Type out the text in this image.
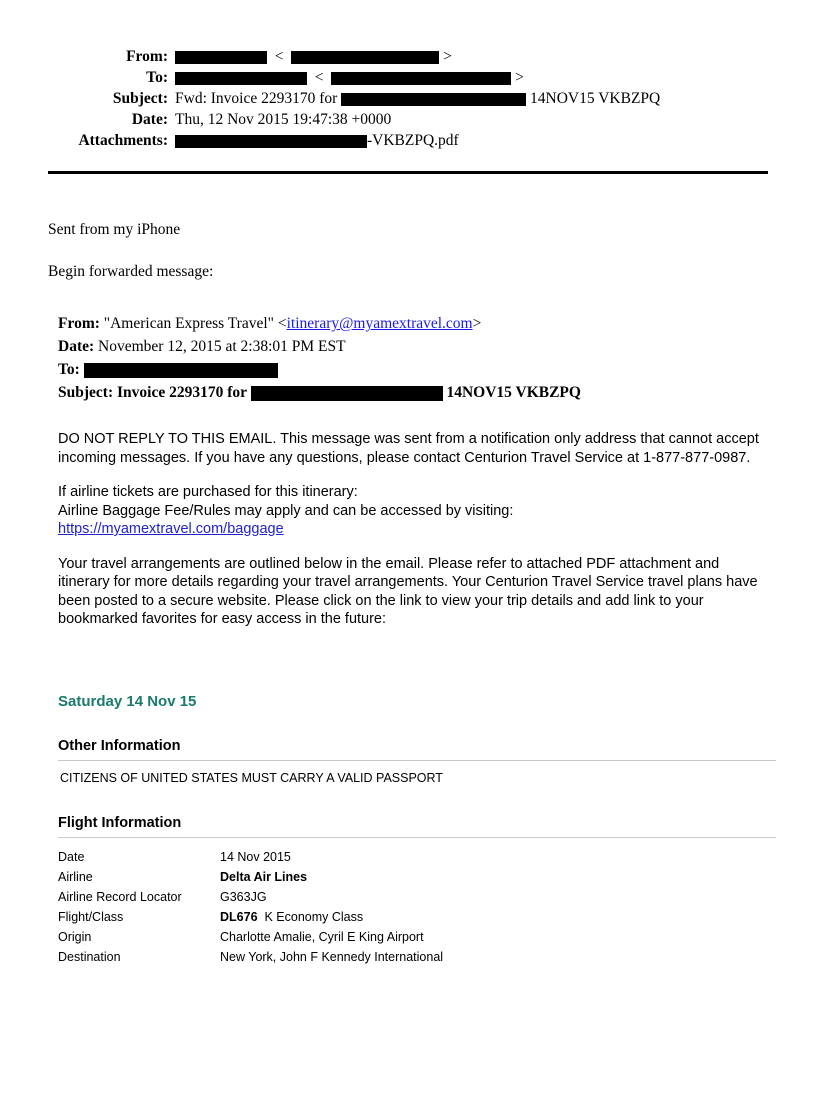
From:	< >
To:	< >
Subject:	Fwd: Invoice 2293170 for 14NOV15 VKBZPQ
Date:	Thu, 12 Nov 2015 19:47:38 +0000
Attachments:	-VKBZPQ.pdf

Sent from my iPhone

Begin forwarded message:

From: "American Express Travel" <itinerary@myamextravel.com>
Date: November 12, 2015 at 2:38:01 PM EST
To:
Subject: Invoice 2293170 for	14NOV15 VKBZPQ

DO NOT REPLY TO THIS EMAIL. This message was sent from a notification only address that cannot accept incoming messages. If you have any questions, please contact Centurion Travel Service at 1-877-877-0987.

If airline tickets are purchased for this itinerary:
Airline Baggage Fee/Rules may apply and can be accessed by visiting:
https://myamextravel.com/baggage

Your travel arrangements are outlined below in the email. Please refer to attached PDF attachment and itinerary for more details regarding your travel arrangements. Your Centurion Travel Service travel plans have been posted to a secure website. Please click on the link to view your trip details and add link to your bookmarked favorites for easy access in the future:

Saturday 14 Nov 15
Other Information
CITIZENS OF UNITED STATES MUST CARRY A VALID PASSPORT
Flight Information
Date	14 Nov 2015
Airline	Delta Air Lines
Airline Record Locator	G363JG
Flight/Class	DL676 K Economy Class
Origin	Charlotte Amalie, Cyril E King Airport
Destination	New York, John F Kennedy International
